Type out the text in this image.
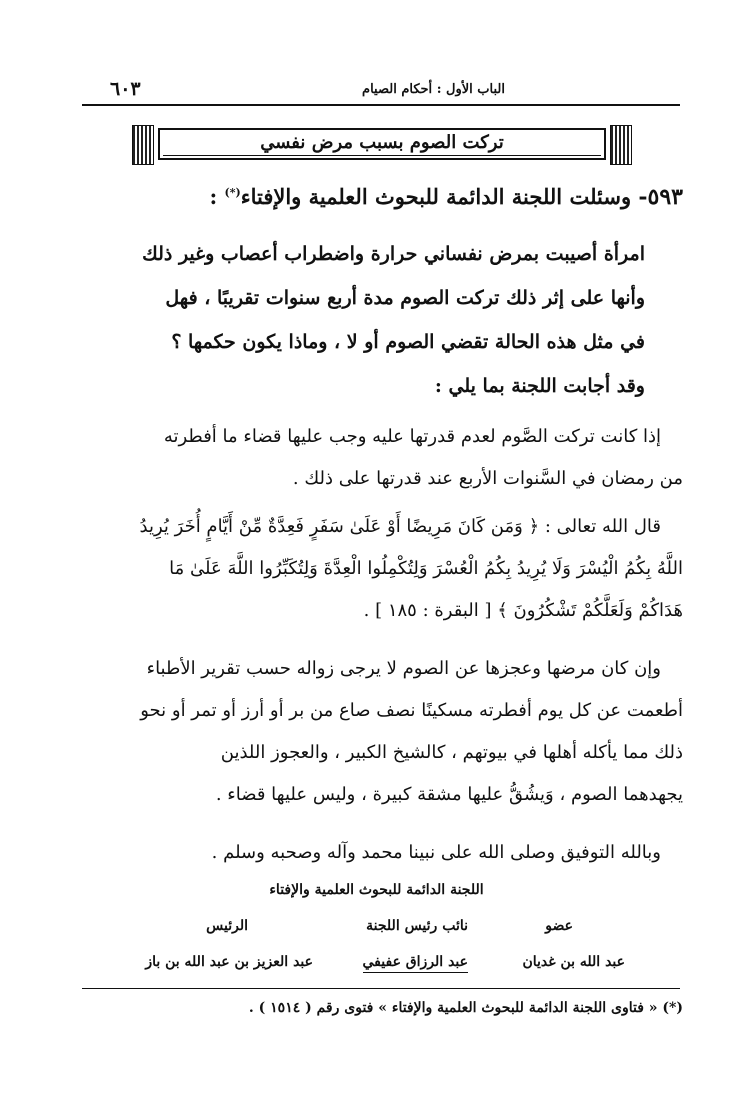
الباب الأول : أحكام الصيام
٦٠٣
تركت الصوم بسبب مرض نفسي
٥٩٣- وسئلت اللجنة الدائمة للبحوث العلمية والإفتاء(*) :
امرأة أصيبت بمرض نفساني حرارة واضطراب أعصاب وغير ذلك
وأنها على إثر ذلك تركت الصوم مدة أربع سنوات تقريبًا ، فهل
في مثل هذه الحالة تقضي الصوم أو لا ، وماذا يكون حكمها ؟
وقد أجابت اللجنة بما يلي :
إذا كانت تركت الصَّوم لعدم قدرتها عليه وجب عليها قضاء ما أفطرته
من رمضان في السَّنوات الأربع عند قدرتها على ذلك .
قال الله تعالى : ﴿ وَمَن كَانَ مَرِيضًا أَوْ عَلَىٰ سَفَرٍ فَعِدَّةٌ مِّنْ أَيَّامٍ أُخَرَ يُرِيدُ
اللَّهُ بِكُمُ الْيُسْرَ وَلَا يُرِيدُ بِكُمُ الْعُسْرَ وَلِتُكْمِلُوا الْعِدَّةَ وَلِتُكَبِّرُوا اللَّهَ عَلَىٰ مَا
هَدَاكُمْ وَلَعَلَّكُمْ تَشْكُرُونَ ﴾ [ البقرة : ١٨٥ ] .
وإن كان مرضها وعجزها عن الصوم لا يرجى زواله حسب تقرير الأطباء
أطعمت عن كل يوم أفطرته مسكينًا نصف صاع من بر أو أرز أو تمر أو نحو
ذلك مما يأكله أهلها في بيوتهم ، كالشيخ الكبير ، والعجوز اللذين
يجهدهما الصوم ، وَيشُقُّ عليها مشقة كبيرة ، وليس عليها قضاء .
وبالله التوفيق وصلى الله على نبينا محمد وآله وصحبه وسلم .
اللجنة الدائمة للبحوث العلمية والإفتاء
عضو
نائب رئيس اللجنة
الرئيس
عبد الله بن غديان
عبد الرزاق عفيفي
عبد العزيز بن عبد الله بن باز
(*) « فتاوى اللجنة الدائمة للبحوث العلمية والإفتاء » فتوى رقم ( ١٥١٤ ) .
